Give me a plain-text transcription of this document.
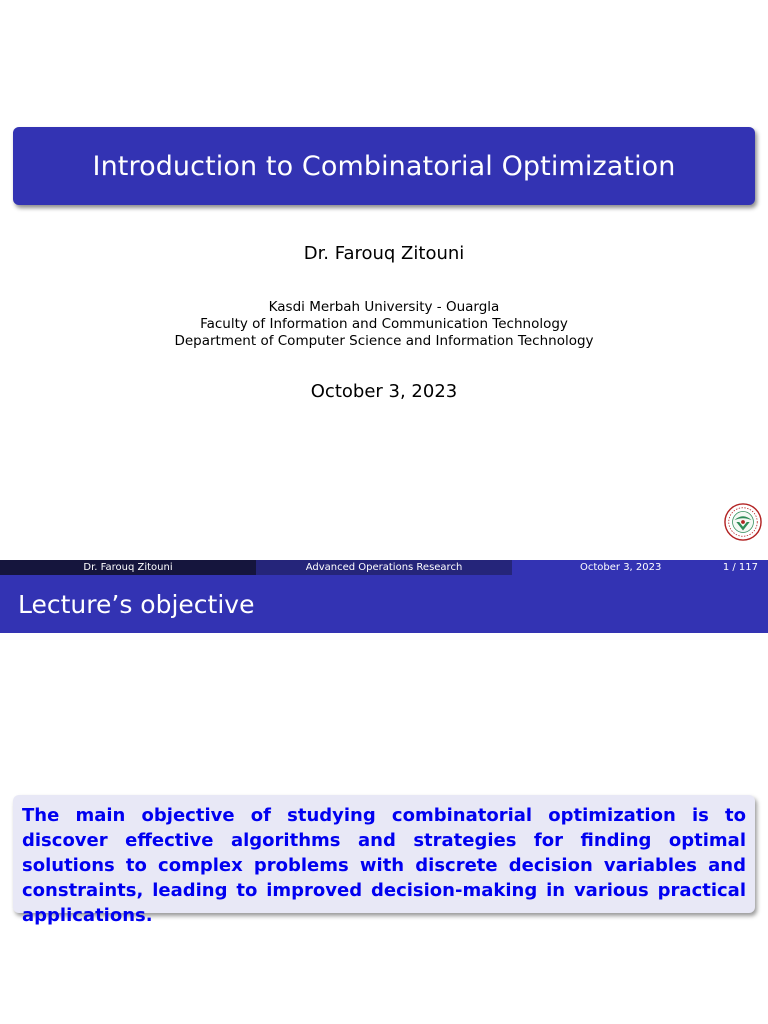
Introduction to Combinatorial Optimization
Dr. Farouq Zitouni
Kasdi Merbah University - Ouargla
Faculty of Information and Communication Technology
Department of Computer Science and Information Technology
October 3, 2023
Dr. Farouq Zitouni	Advanced Operations Research	October 3, 2023	1 / 117
Lecture’s objective

The main objective of studying combinatorial optimization is to discover effective algorithms and strategies for finding optimal solutions to complex problems with discrete decision variables and constraints, leading to improved decision-making in various practical applications.
